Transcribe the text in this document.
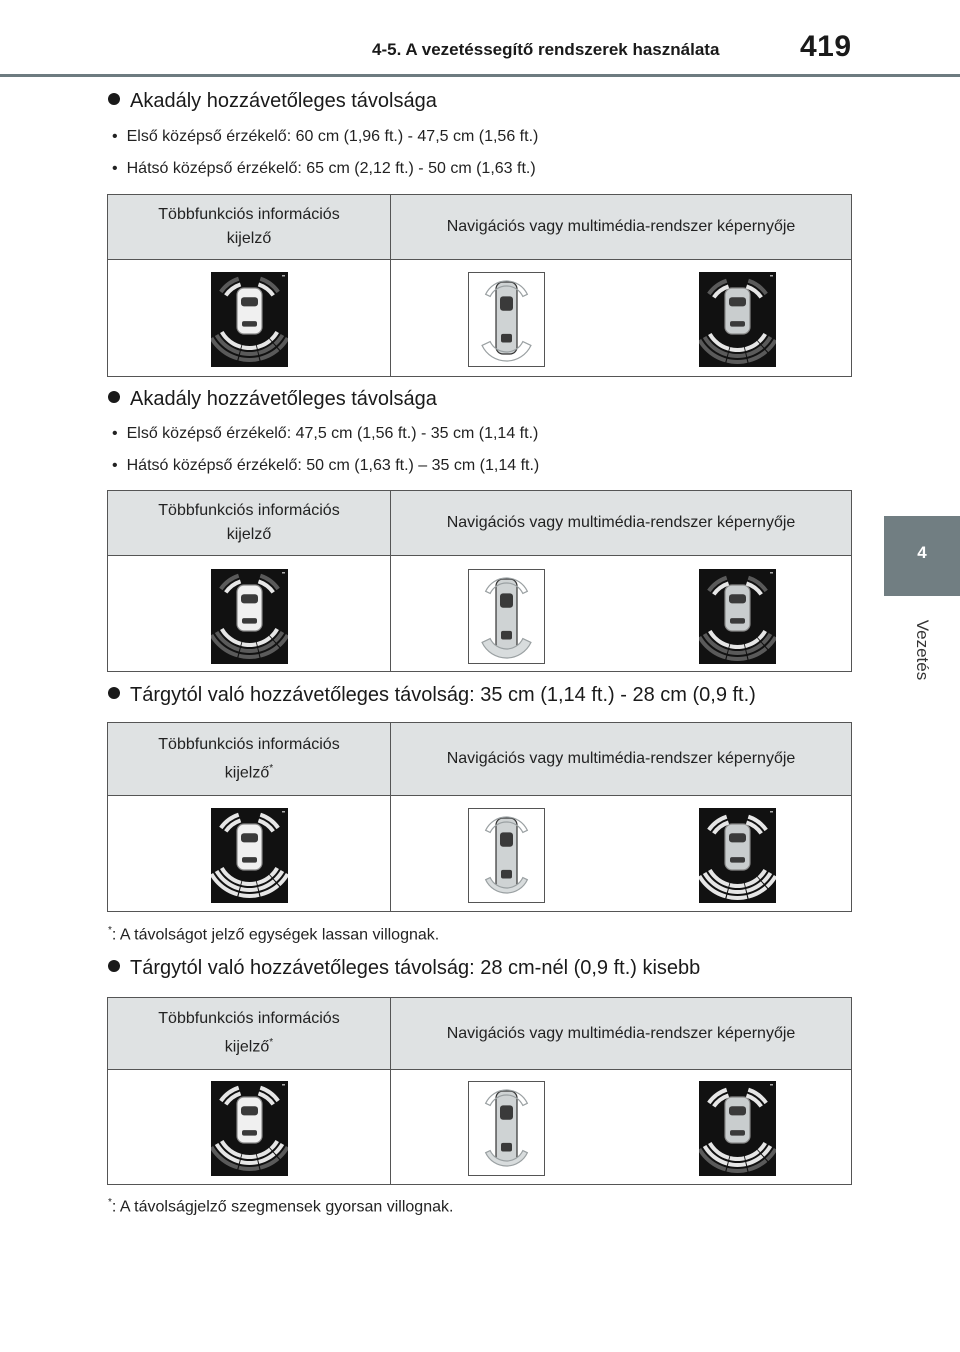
4-5. A vezetéssegítő rendszerek használata	419
4
Vezetés
Akadály hozzávetőleges távolsága
• Első középső érzékelő: 60 cm (1,96 ft.) - 47,5 cm (1,56 ft.)
• Hátsó középső érzékelő: 65 cm (2,12 ft.) - 50 cm (1,63 ft.)
Többfunkciós információs
kijelző
Navigációs vagy multimédia-rendszer képernyője
Akadály hozzávetőleges távolsága
• Első középső érzékelő: 47,5 cm (1,56 ft.) - 35 cm (1,14 ft.)
• Hátsó középső érzékelő: 50 cm (1,63 ft.) – 35 cm (1,14 ft.)
Többfunkciós információs
kijelző
Navigációs vagy multimédia-rendszer képernyője
Tárgytól való hozzávetőleges távolság: 35 cm (1,14 ft.) - 28 cm (0,9 ft.)
Többfunkciós információs
kijelző*
Navigációs vagy multimédia-rendszer képernyője
*: A távolságot jelző egységek lassan villognak.
Tárgytól való hozzávetőleges távolság: 28 cm-nél (0,9 ft.) kisebb
Többfunkciós információs
kijelző*
Navigációs vagy multimédia-rendszer képernyője
*: A távolságjelző szegmensek gyorsan villognak.
